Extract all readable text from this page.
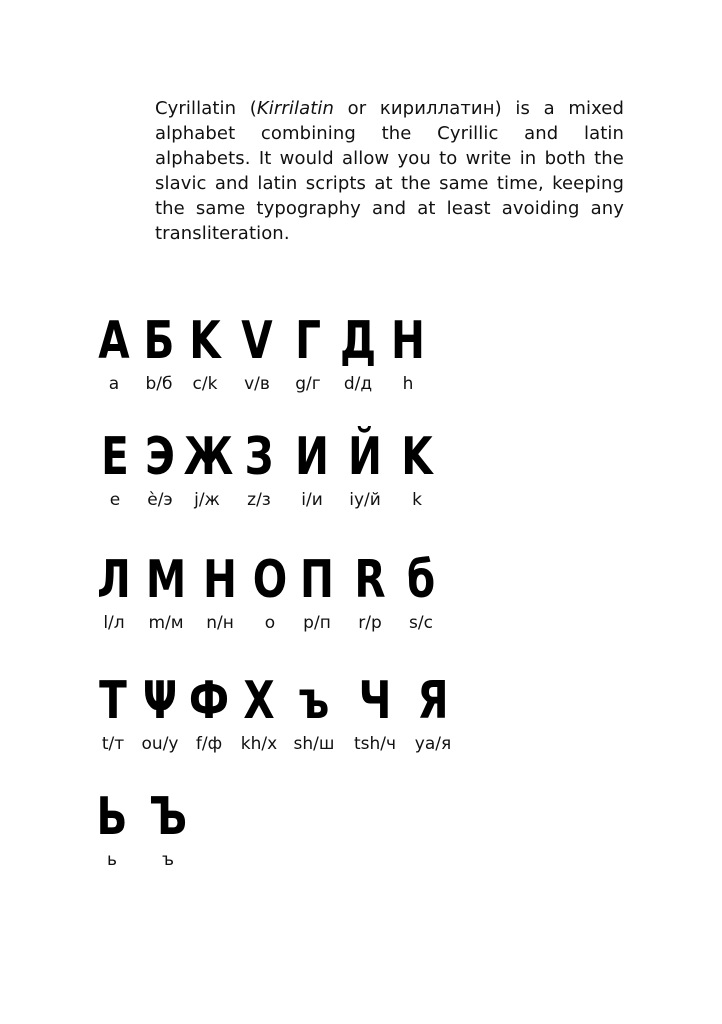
Cyrillatin (Kirrilatin or кириллатин) is a mixed alphabet combining the Cyrillic and latin alphabets. It would allow you to write in both the slavic and latin scripts at the same time, keeping the same typography and at least avoiding any transliteration.

A
a
Б
b/б
K
c/k
V
v/в
Г
g/г
Д
d/д
H
h
E
e
Э
è/э
Ж
j/ж
З
z/з
И
i/и
Й
iy/й
K
k
Л
l/л
M
m/м
Н
n/н
O
o
П
p/п
R
r/р
б
s/с
T
t/т
Ψ
ou/у
Ф
f/ф
X
kh/х
ъ
sh/ш
Ч
tsh/ч
Я
ya/я
Ь
ь
Ъ
ъ
